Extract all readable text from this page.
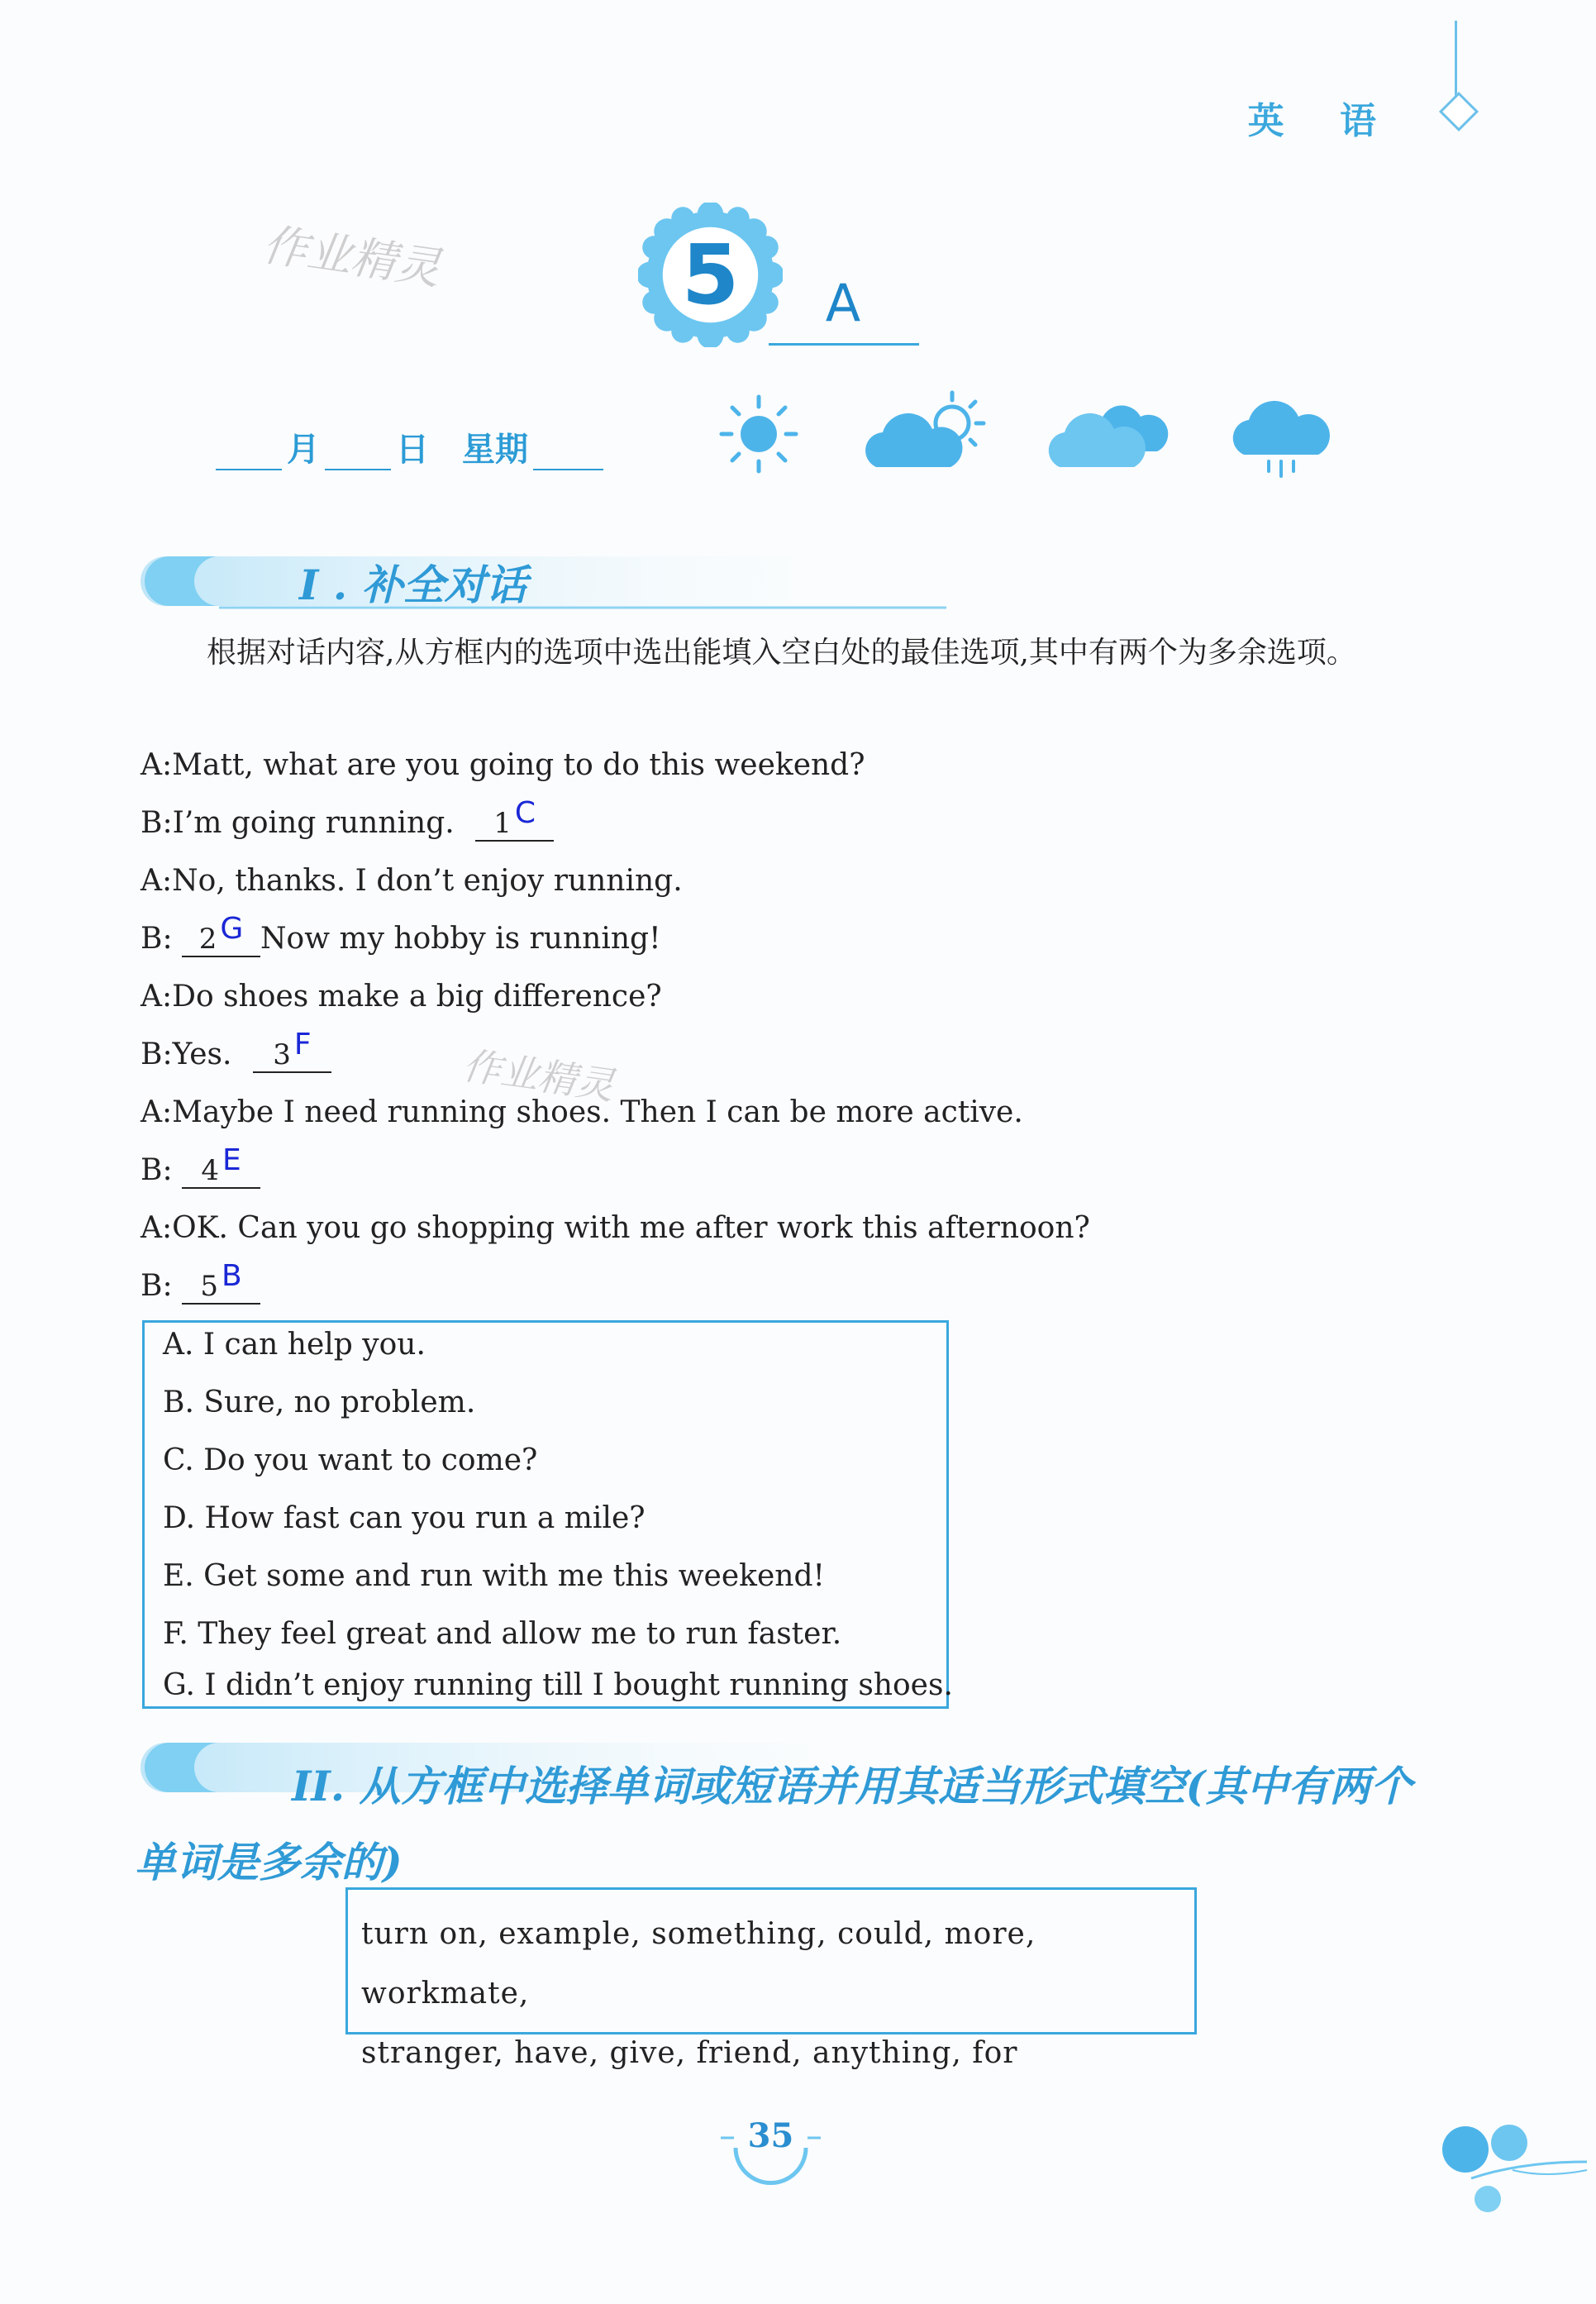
英 语
作业精灵
作业精灵
5	A
月 日 星期
I . 补全对话
根据对话内容,从方框内的选项中选出能填入空白处的最佳选项,其中有两个为多余选项。
A:Matt, what are you going to do this weekend?
B:I’m going running. 1 C
A:No, thanks. I don’t enjoy running.
B: 2 G Now my hobby is running!
A:Do shoes make a big difference?
B:Yes. 3 F
A:Maybe I need running shoes. Then I can be more active.
B: 4 E
A:OK. Can you go shopping with me after work this afternoon?
B: 5 B
A. I can help you.
B. Sure, no problem.
C. Do you want to come?
D. How fast can you run a mile?
E. Get some and run with me this weekend!
F. They feel great and allow me to run faster.
G. I didn’t enjoy running till I bought running shoes.
II. 从方框中选择单词或短语并用其适当形式填空(其中有两个单词是多余的)
turn on, example, something, could, more, workmate,
stranger, have, give, friend, anything, for
35
